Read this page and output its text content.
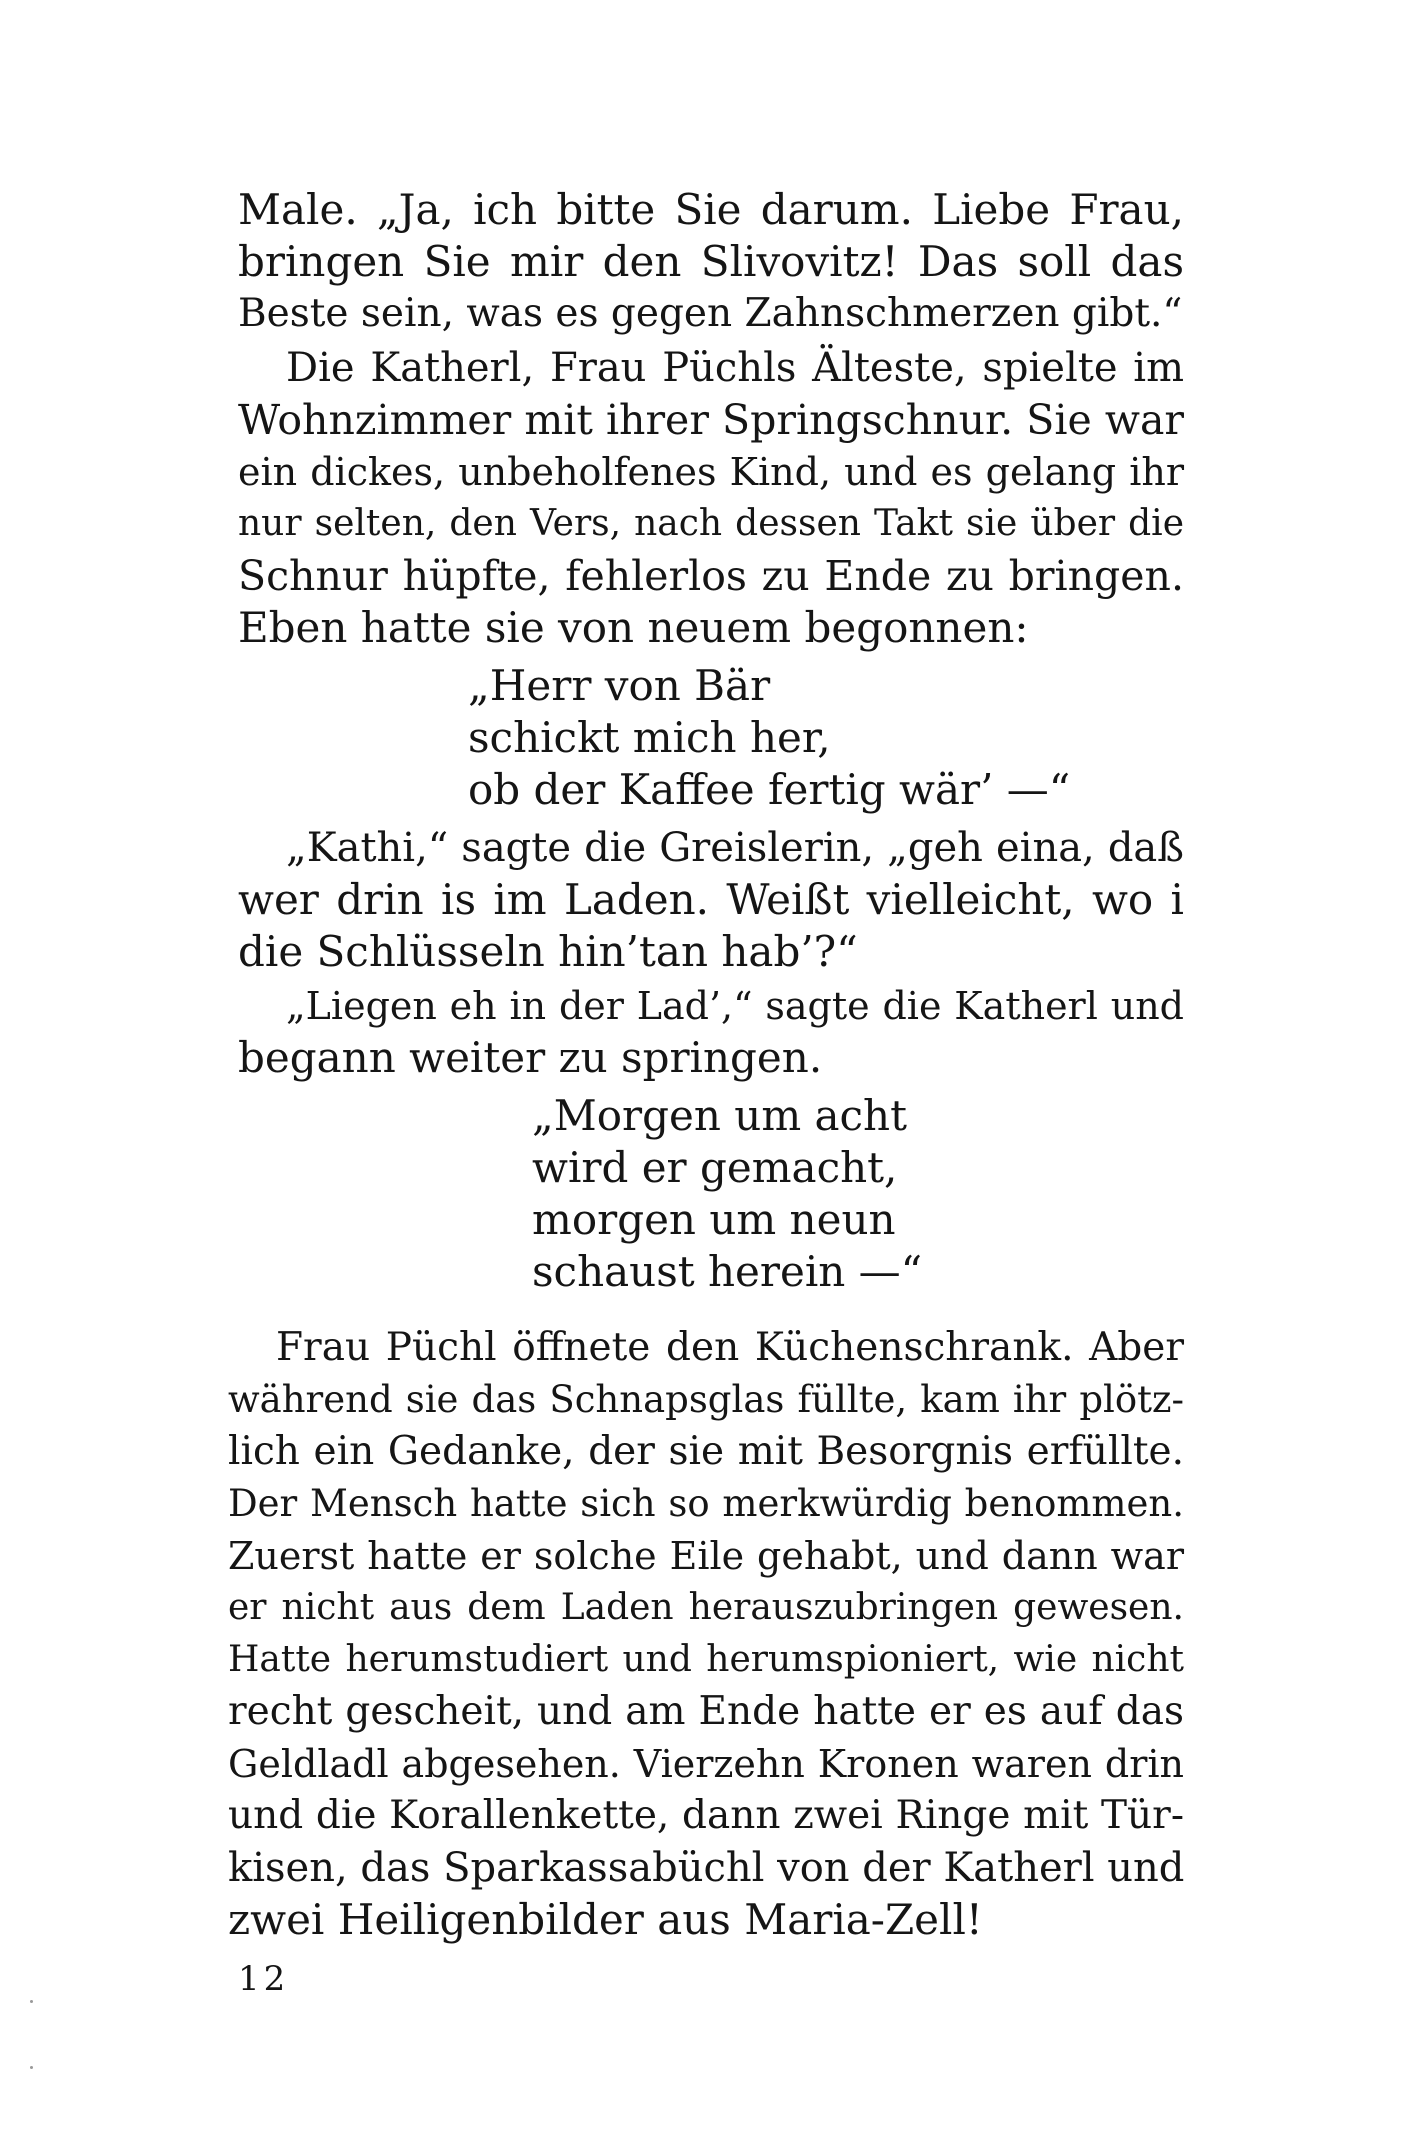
Male. „Ja, ich bitte Sie darum. Liebe Frau,

bringen Sie mir den Slivovitz! Das soll das

Beste sein, was es gegen Zahnschmerzen gibt.“

Die Katherl, Frau Püchls Älteste, spielte im

Wohnzimmer mit ihrer Springschnur. Sie war

ein dickes, unbeholfenes Kind, und es gelang ihr

nur selten, den Vers, nach dessen Takt sie über die

Schnur hüpfte, fehlerlos zu Ende zu bringen.

Eben hatte sie von neuem begonnen:

„Herr von Bär

schickt mich her,

ob der Kaffee fertig wär’ —“

„Kathi,“ sagte die Greislerin, „geh eina, daß

wer drin is im Laden. Weißt vielleicht, wo i

die Schlüsseln hin’tan hab’?“

„Liegen eh in der Lad’,“ sagte die Katherl und

begann weiter zu springen.

„Morgen um acht

wird er gemacht,

morgen um neun

schaust herein —“

Frau Püchl öffnete den Küchenschrank. Aber

während sie das Schnapsglas füllte, kam ihr plötz-

lich ein Gedanke, der sie mit Besorgnis erfüllte.

Der Mensch hatte sich so merkwürdig benommen.

Zuerst hatte er solche Eile gehabt, und dann war

er nicht aus dem Laden herauszubringen gewesen.

Hatte herumstudiert und herumspioniert, wie nicht

recht gescheit, und am Ende hatte er es auf das

Geldladl abgesehen. Vierzehn Kronen waren drin

und die Korallenkette, dann zwei Ringe mit Tür-

kisen, das Sparkassabüchl von der Katherl und

zwei Heiligenbilder aus Maria-Zell!

12
